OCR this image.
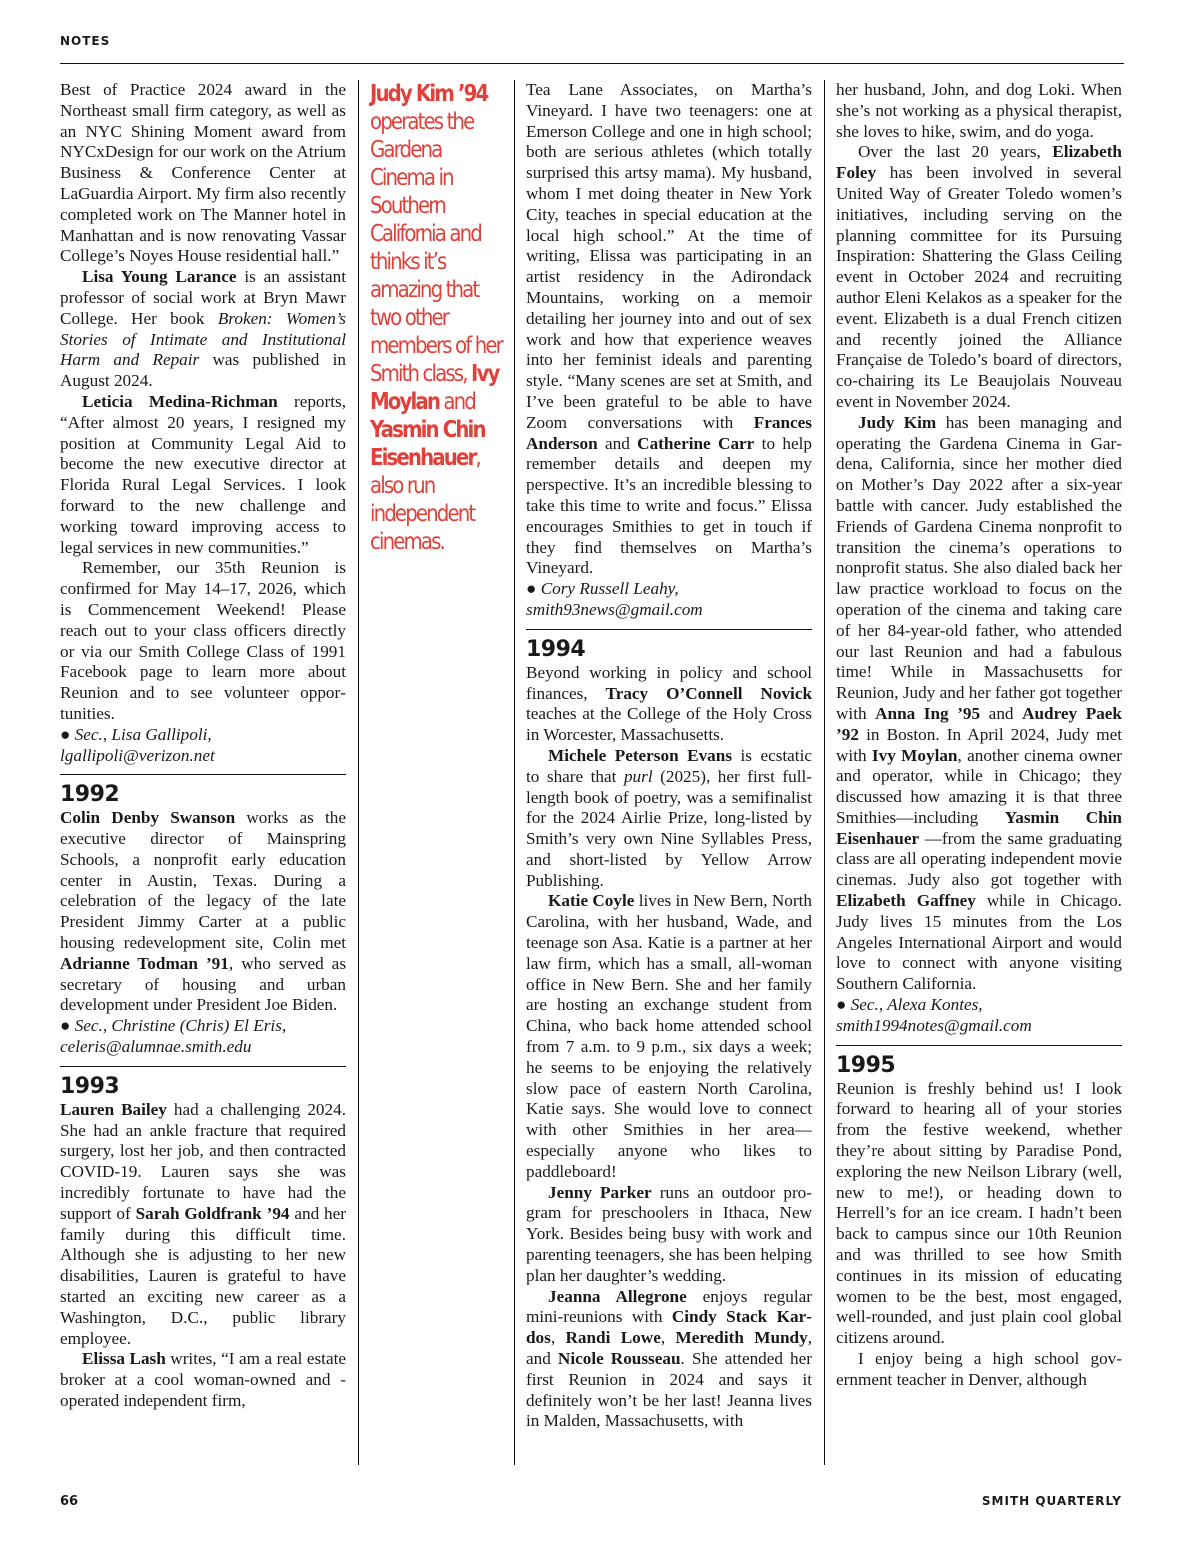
NOTES

Best of Practice 2024 award in the Northeast small firm category, as well as an NYC Shining Moment award from NYCxDesign for our work on the Atrium Business & Conference Center at LaGuardia Airport. My firm also recently completed work on The Manner hotel in Manhattan and is now renovating Vassar College’s Noyes House residential hall.”

Lisa Young Larance is an assistant professor of social work at Bryn Mawr College. Her book Broken: Women’s Stories of Intimate and Institutional Harm and Repair was published in August 2024.

Leticia Medina-Richman reports, “After almost 20 years, I resigned my position at Community Legal Aid to become the new executive director at Florida Rural Legal Services. I look forward to the new challenge and working toward improving access to legal services in new communities.”

Remember, our 35th Reunion is confirmed for May 14–17, 2026, which is Commencement Weekend! Please reach out to your class officers directly or via our Smith College Class of 1991 Facebook page to learn more about Reunion and to see volunteer opportunities.

● Sec., Lisa Gallipoli,
lgallipoli@verizon.net

1992

Colin Denby Swanson works as the executive director of Mainspring Schools, a nonprofit early education center in Austin, Texas. During a celebration of the legacy of the late President Jimmy Carter at a public housing redevelopment site, Colin met Adrianne Todman ’91, who served as secretary of housing and urban development under President Joe Biden.

● Sec., Christine (Chris) El Eris,
celeris@alumnae.smith.edu

1993

Lauren Bailey had a challenging 2024. She had an ankle fracture that required surgery, lost her job, and then contracted COVID-19. Lauren says she was incredibly fortunate to have had the support of Sarah Goldfrank ’94 and her family during this difficult time. Although she is adjusting to her new disabilities, Lauren is grateful to have started an exciting new career as a Washington, D.C., public library employee.

Elissa Lash writes, “I am a real estate broker at a cool woman-owned and -operated independent firm,

Judy Kim ’94 operates the Gardena Cinema in Southern California and thinks it’s amazing that two other members of her Smith class, Ivy Moylan and Yasmin Chin Eisenhauer, also run independent cinemas.

Tea Lane Associates, on Martha’s Vineyard. I have two teenagers: one at Emerson College and one in high school; both are serious athletes (which totally surprised this artsy mama). My husband, whom I met doing theater in New York City, teaches in special education at the local high school.” At the time of writing, Elissa was participating in an artist residency in the Adirondack Mountains, working on a memoir detailing her journey into and out of sex work and how that experience weaves into her feminist ideals and parenting style. “Many scenes are set at Smith, and I’ve been grateful to be able to have Zoom conversations with Frances Anderson and Catherine Carr to help remember details and deepen my perspective. It’s an incredible blessing to take this time to write and focus.” Elissa encourages Smithies to get in touch if they find themselves on Martha’s Vineyard.

● Cory Russell Leahy,
smith93news@gmail.com

1994

Beyond working in policy and school finances, Tracy O’Connell Novick teaches at the College of the Holy Cross in Worcester, Massachusetts.

Michele Peterson Evans is ecstatic to share that purl (2025), her first full-length book of poetry, was a semifinalist for the 2024 Airlie Prize, long-listed by Smith’s very own Nine Syllables Press, and short-listed by Yellow Arrow Publishing.

Katie Coyle lives in New Bern, North Carolina, with her husband, Wade, and teenage son Asa. Katie is a partner at her law firm, which has a small, all-woman office in New Bern. She and her family are hosting an exchange student from China, who back home attended school from 7 a.m. to 9 p.m., six days a week; he seems to be enjoying the relatively slow pace of eastern North Carolina, Katie says. She would love to connect with other Smithies in her area—especially anyone who likes to paddleboard!

Jenny Parker runs an outdoor program for preschoolers in Ithaca, New York. Besides being busy with work and parenting teenagers, she has been helping plan her daughter’s wedding.

Jeanna Allegrone enjoys regular mini-reunions with Cindy Stack Kardos, Randi Lowe, Meredith Mundy, and Nicole Rousseau. She attended her first Reunion in 2024 and says it definitely won’t be her last! Jeanna lives in Malden, Massachusetts, with

her husband, John, and dog Loki. When she’s not working as a physical therapist, she loves to hike, swim, and do yoga.

Over the last 20 years, Elizabeth Foley has been involved in several United Way of Greater Toledo women’s initiatives, including serving on the planning committee for its Pursuing Inspiration: Shattering the Glass Ceiling event in October 2024 and recruiting author Eleni Kelakos as a speaker for the event. Elizabeth is a dual French citizen and recently joined the Alliance Française de Toledo’s board of directors, co-chairing its Le Beaujolais Nouveau event in November 2024.

Judy Kim has been managing and operating the Gardena Cinema in Gardena, California, since her mother died on Mother’s Day 2022 after a six-year battle with cancer. Judy established the Friends of Gardena Cinema nonprofit to transition the cinema’s operations to nonprofit status. She also dialed back her law practice workload to focus on the operation of the cinema and taking care of her 84-year-old father, who attended our last Reunion and had a fabulous time! While in Massachusetts for Reunion, Judy and her father got together with Anna Ing ’95 and Audrey Paek ’92 in Boston. In April 2024, Judy met with Ivy Moylan, another cinema owner and operator, while in Chicago; they discussed how amazing it is that three Smithies—including Yasmin Chin Eisenhauer —from the same graduating class are all operating independent movie cinemas. Judy also got together with Elizabeth Gaffney while in Chicago. Judy lives 15 minutes from the Los Angeles International Airport and would love to connect with anyone visiting Southern California.

● Sec., Alexa Kontes,
smith1994notes@gmail.com

1995

Reunion is freshly behind us! I look forward to hearing all of your stories from the festive weekend, whether they’re about sitting by Paradise Pond, exploring the new Neilson Library (well, new to me!), or heading down to Herrell’s for an ice cream. I hadn’t been back to campus since our 10th Reunion and was thrilled to see how Smith continues in its mission of educating women to be the best, most engaged, well-rounded, and just plain cool global citizens around.

I enjoy being a high school government teacher in Denver, although

66	SMITH QUARTERLY
